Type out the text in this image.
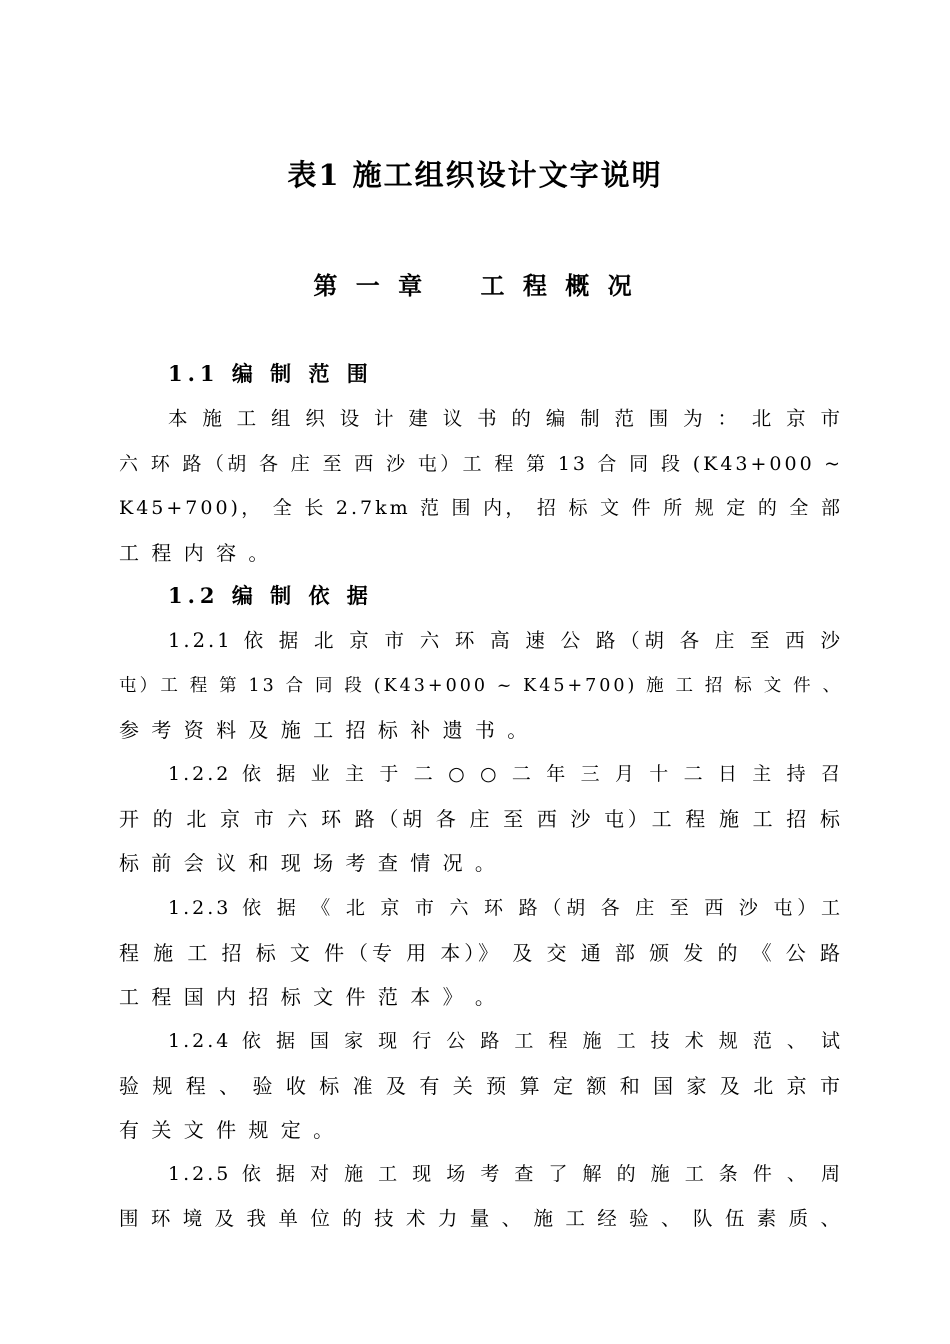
表1 施工组织设计文字说明
第 一 章    工 程 概 况
1.1 编 制 范 围
本 施 工 组 织 设 计 建 议 书 的 编 制 范 围 为 ： 北 京 市
六 环 路（胡 各 庄 至 西 沙 屯）工 程 第 13 合 同 段 (K43+000 ~
K45+700)， 全 长 2.7km 范 围 内， 招 标 文 件 所 规 定 的 全 部
工 程 内 容 。
1.2 编 制 依 据
1.2.1 依 据 北 京 市 六 环 高 速 公 路（胡 各 庄 至 西 沙
屯）工 程 第 13 合 同 段 (K43+000 ~ K45+700) 施 工 招 标 文 件 、
参 考 资 料 及 施 工 招 标 补 遗 书 。
1.2.2 依 据 业 主 于 二 ○ ○ 二 年 三 月 十 二 日 主 持 召
开 的 北 京 市 六 环 路（胡 各 庄 至 西 沙 屯）工 程 施 工 招 标
标 前 会 议 和 现 场 考 查 情 况 。
1.2.3 依 据 《 北 京 市 六 环 路（胡 各 庄 至 西 沙 屯）工
程 施 工 招 标 文 件（专 用 本）》 及 交 通 部 颁 发 的 《 公 路
工 程 国 内 招 标 文 件 范 本 》 。
1.2.4 依 据 国 家 现 行 公 路 工 程 施 工 技 术 规 范 、 试
验 规 程 、 验 收 标 准 及 有 关 预 算 定 额 和 国 家 及 北 京 市
有 关 文 件 规 定 。
1.2.5 依 据 对 施 工 现 场 考 查 了 解 的 施 工 条 件 、 周
围 环 境 及 我 单 位 的 技 术 力 量 、 施 工 经 验 、 队 伍 素 质 、
